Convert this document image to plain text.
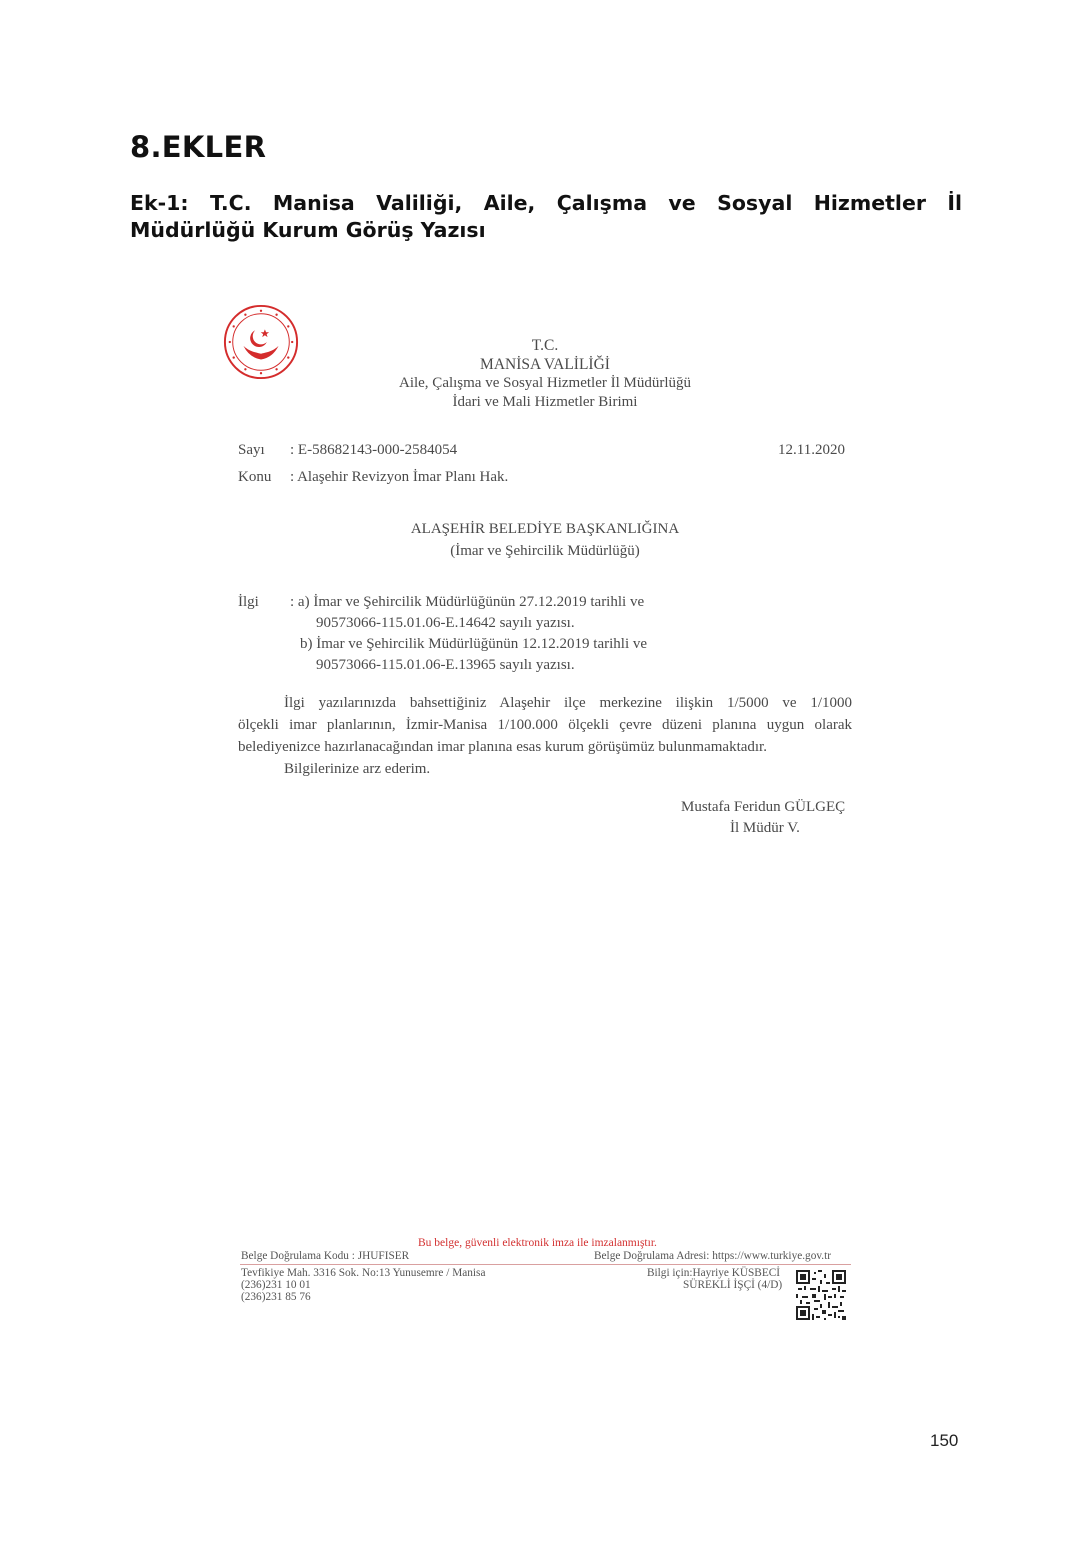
8.EKLER
Ek-1: T.C. Manisa Valiliği, Aile, Çalışma ve Sosyal Hizmetler İl Müdürlüğü Kurum Görüş Yazısı
T.C.
MANİSA VALİLİĞİ
Aile, Çalışma ve Sosyal Hizmetler İl Müdürlüğü
İdari ve Mali Hizmetler Birimi
Sayı : E-58682143-000-2584054	12.11.2020
Konu : Alaşehir Revizyon İmar Planı Hak.
ALAŞEHİR BELEDİYE BAŞKANLIĞINA
(İmar ve Şehircilik Müdürlüğü)
İlgi : a) İmar ve Şehircilik Müdürlüğünün 27.12.2019 tarihli ve
90573066-115.01.06-E.14642 sayılı yazısı.
b) İmar ve Şehircilik Müdürlüğünün 12.12.2019 tarihli ve
90573066-115.01.06-E.13965 sayılı yazısı.
İlgi yazılarınızda bahsettiğiniz Alaşehir ilçe merkezine ilişkin 1/5000 ve 1/1000
ölçekli imar planlarının, İzmir-Manisa 1/100.000 ölçekli çevre düzeni planına uygun olarak
belediyenizce hazırlanacağından imar planına esas kurum görüşümüz bulunmamaktadır.
Bilgilerinize arz ederim.
Mustafa Feridun GÜLGEÇ
İl Müdür V.
Bu belge, güvenli elektronik imza ile imzalanmıştır.
Belge Doğrulama Kodu : JHUFISER	Belge Doğrulama Adresi: https://www.turkiye.gov.tr
Tevfikiye Mah. 3316 Sok. No:13 Yunusemre / Manisa
(236)231 10 01
(236)231 85 76
Bilgi için:Hayriye KÜSBECİ
SÜREKLİ İŞÇİ (4/D)
150
